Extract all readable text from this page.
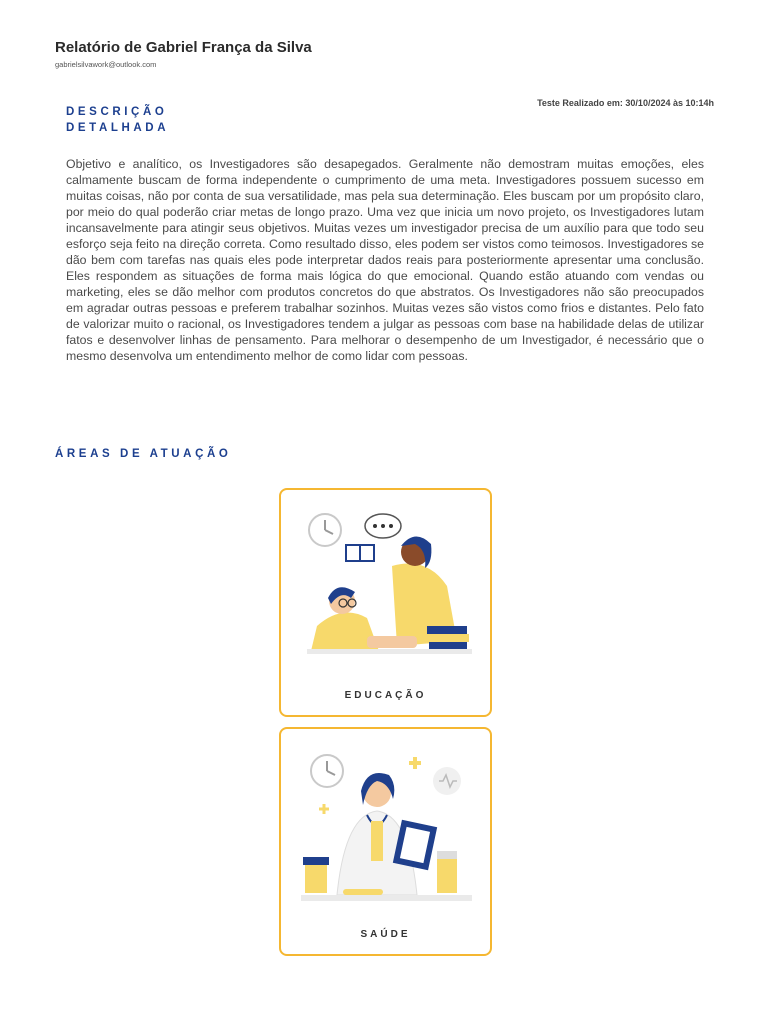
Relatório de Gabriel França da Silva
gabrielsilvawork@outlook.com
DESCRIÇÃO DETALHADA
Teste Realizado em: 30/10/2024 às 10:14h

Objetivo e analítico, os Investigadores são desapegados. Geralmente não demostram muitas emoções, eles calmamente buscam de forma independente o cumprimento de uma meta. Investigadores possuem sucesso em muitas coisas, não por conta de sua versatilidade, mas pela sua determinação. Eles buscam por um propósito claro, por meio do qual poderão criar metas de longo prazo. Uma vez que inicia um novo projeto, os Investigadores lutam incansavelmente para atingir seus objetivos. Muitas vezes um investigador precisa de um auxílio para que todo seu esforço seja feito na direção correta. Como resultado disso, eles podem ser vistos como teimosos. Investigadores se dão bem com tarefas nas quais eles pode interpretar dados reais para posteriormente apresentar uma conclusão. Eles respondem as situações de forma mais lógica do que emocional. Quando estão atuando com vendas ou marketing, eles se dão melhor com produtos concretos do que abstratos. Os Investigadores não são preocupados em agradar outras pessoas e preferem trabalhar sozinhos. Muitas vezes são vistos como frios e distantes. Pelo fato de valorizar muito o racional, os Investigadores tendem a julgar as pessoas com base na habilidade delas de utilizar fatos e desenvolver linhas de pensamento. Para melhorar o desempenho de um Investigador, é necessário que o mesmo desenvolva um entendimento melhor de como lidar com pessoas.

ÁREAS DE ATUAÇÃO
EDUCAÇÃO
SAÚDE
